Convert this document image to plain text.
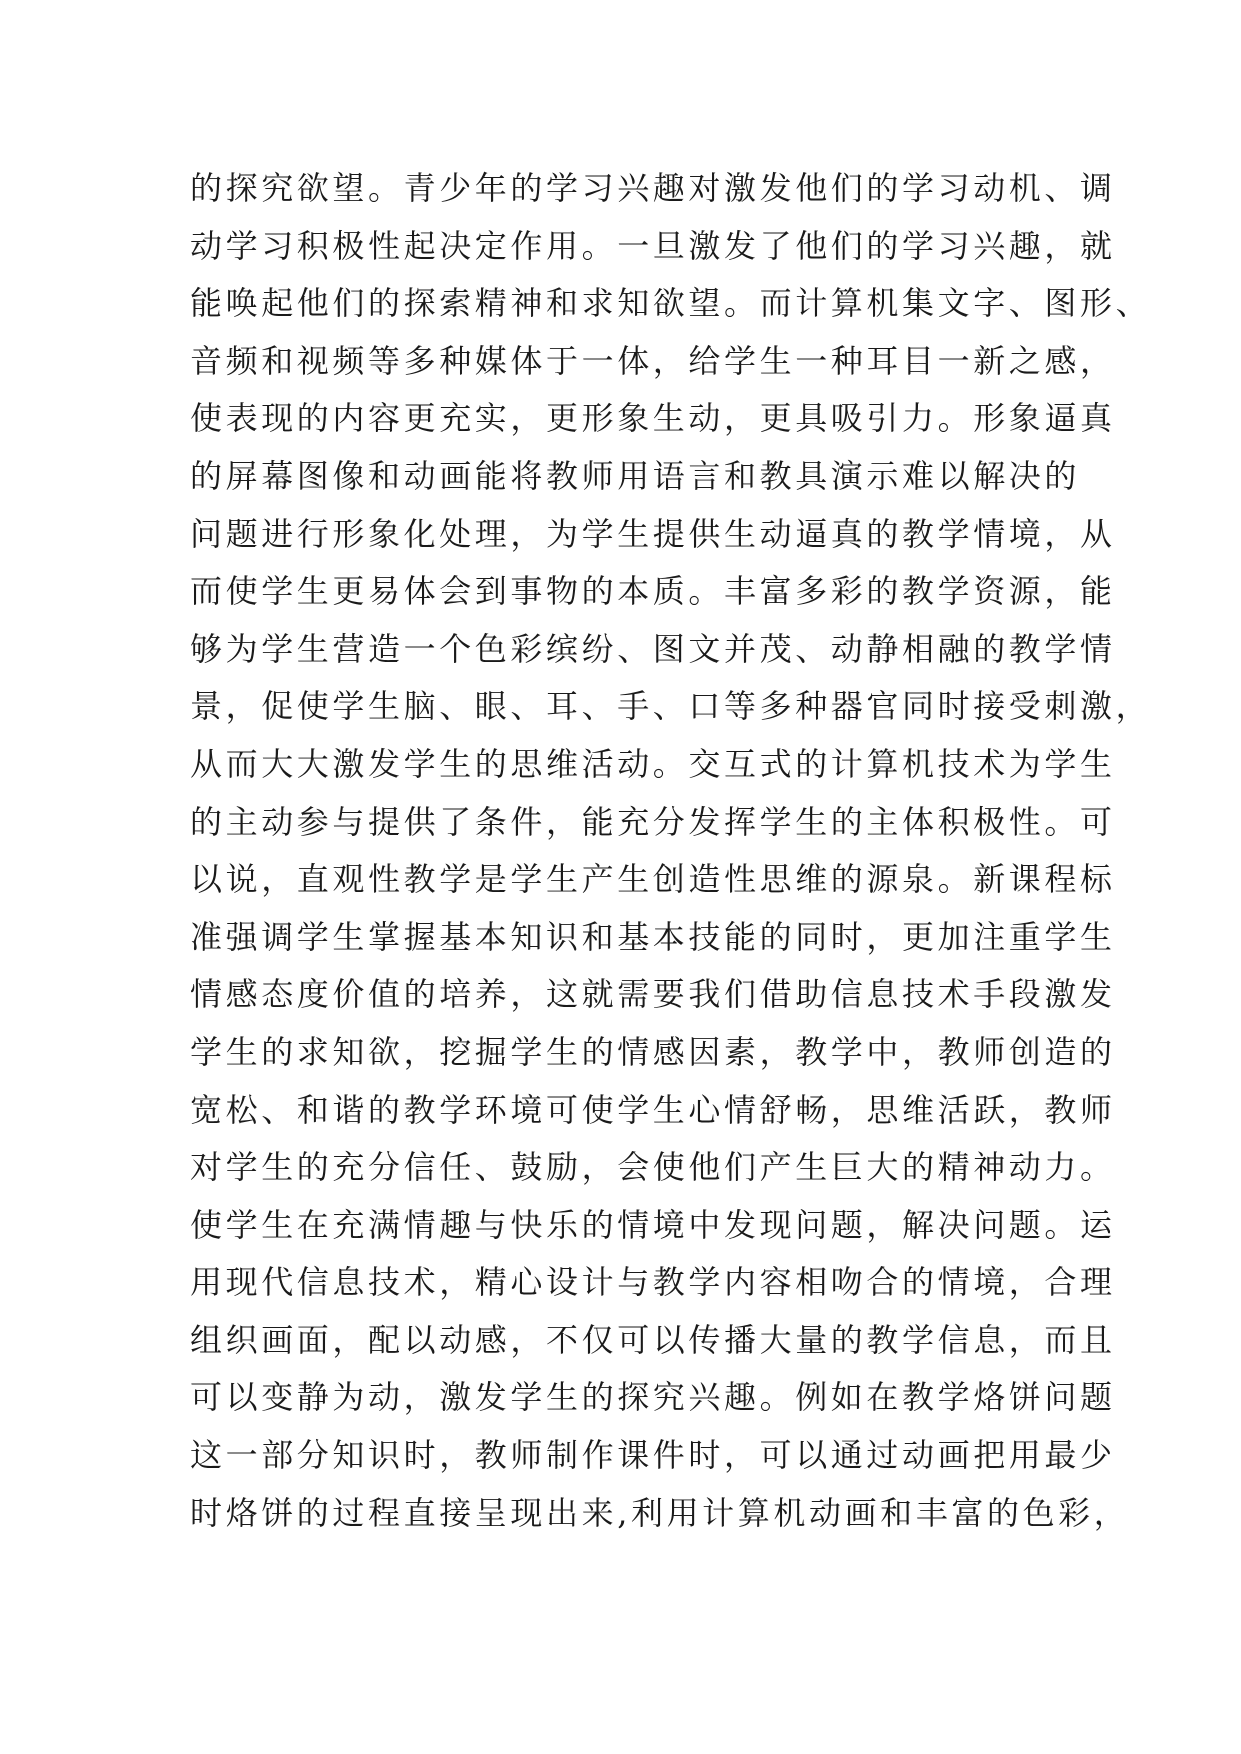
的探究欲望。青少年的学习兴趣对激发他们的学习动机、调
动学习积极性起决定作用。一旦激发了他们的学习兴趣，就
能唤起他们的探索精神和求知欲望。而计算机集文字、图形、
音频和视频等多种媒体于一体，给学生一种耳目一新之感，
使表现的内容更充实，更形象生动，更具吸引力。形象逼真
的屏幕图像和动画能将教师用语言和教具演示难以解决的
问题进行形象化处理，为学生提供生动逼真的教学情境，从
而使学生更易体会到事物的本质。丰富多彩的教学资源，能
够为学生营造一个色彩缤纷、图文并茂、动静相融的教学情
景，促使学生脑、眼、耳、手、口等多种器官同时接受刺激，
从而大大激发学生的思维活动。交互式的计算机技术为学生
的主动参与提供了条件，能充分发挥学生的主体积极性。可
以说，直观性教学是学生产生创造性思维的源泉。新课程标
准强调学生掌握基本知识和基本技能的同时，更加注重学生
情感态度价值的培养，这就需要我们借助信息技术手段激发
学生的求知欲，挖掘学生的情感因素，教学中，教师创造的
宽松、和谐的教学环境可使学生心情舒畅，思维活跃，教师
对学生的充分信任、鼓励，会使他们产生巨大的精神动力。
使学生在充满情趣与快乐的情境中发现问题，解决问题。运
用现代信息技术，精心设计与教学内容相吻合的情境，合理
组织画面，配以动感，不仅可以传播大量的教学信息，而且
可以变静为动，激发学生的探究兴趣。例如在教学烙饼问题
这一部分知识时，教师制作课件时，可以通过动画把用最少
时烙饼的过程直接呈现出来,利用计算机动画和丰富的色彩，
